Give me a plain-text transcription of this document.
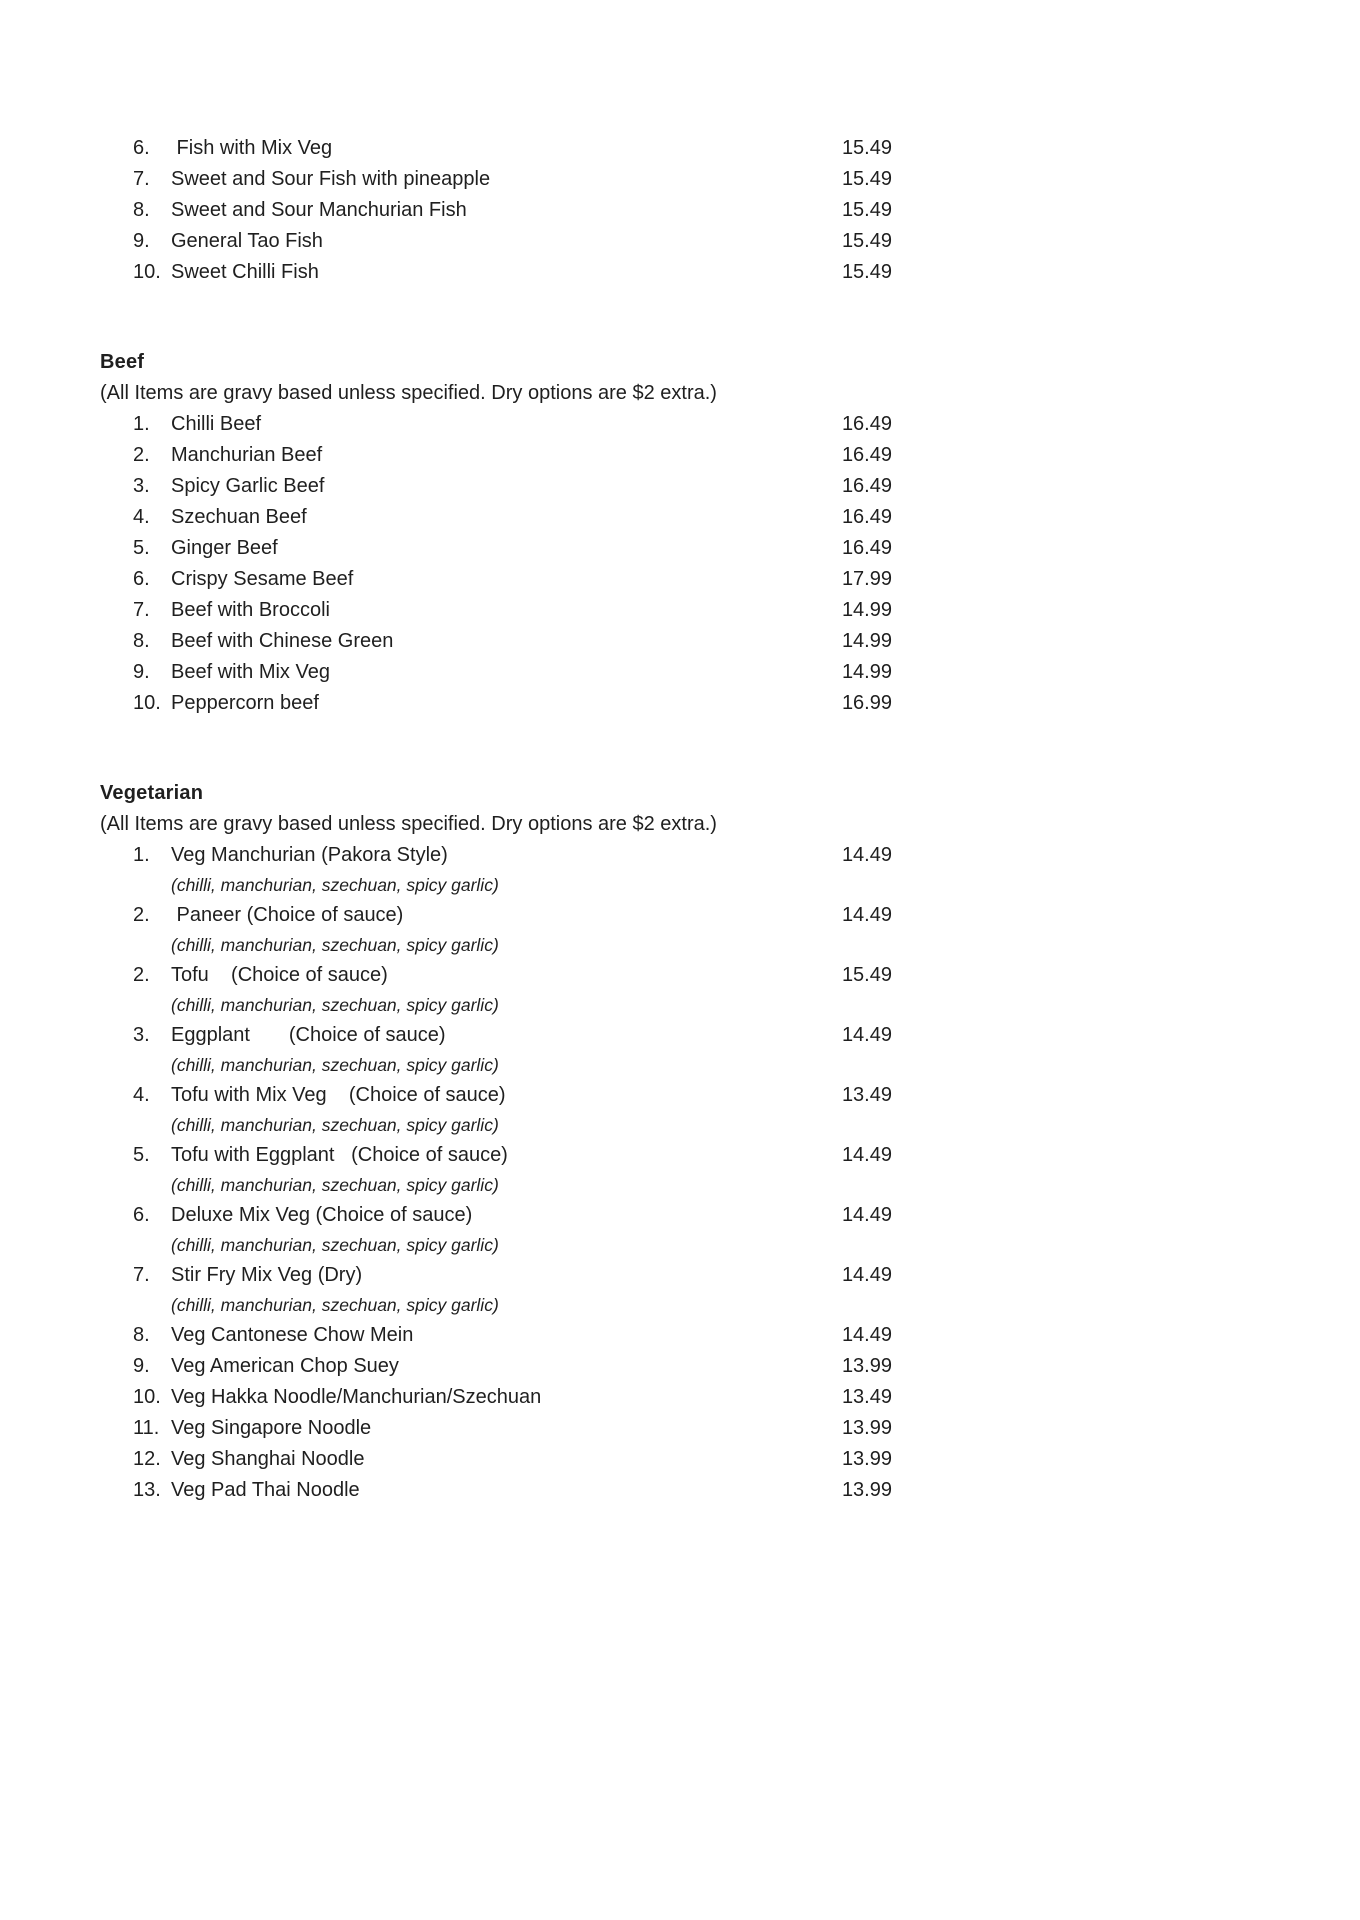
6.	Fish with Mix Veg	15.49
7.	Sweet and Sour Fish with pineapple	15.49
8.	Sweet and Sour Manchurian Fish	15.49
9.	General Tao Fish	15.49
10. Sweet Chilli Fish	15.49
Beef
(All Items are gravy based unless specified. Dry options are $2 extra.)
1.	Chilli Beef	16.49
2.	Manchurian Beef	16.49
3.	Spicy Garlic Beef	16.49
4.	Szechuan Beef	16.49
5.	Ginger Beef	16.49
6.	Crispy Sesame Beef	17.99
7.	Beef with Broccoli	14.99
8.	Beef with Chinese Green	14.99
9.	Beef with Mix Veg	14.99
10. Peppercorn beef	16.99
Vegetarian
(All Items are gravy based unless specified. Dry options are $2 extra.)
1.	Veg Manchurian (Pakora Style)	14.49
(chilli, manchurian, szechuan, spicy garlic)
2.	Paneer (Choice of sauce)	14.49
(chilli, manchurian, szechuan, spicy garlic)
2.	Tofu    (Choice of sauce)	15.49
(chilli, manchurian, szechuan, spicy garlic)
3.	Eggplant       (Choice of sauce)	14.49
(chilli, manchurian, szechuan, spicy garlic)
4.	Tofu with Mix Veg    (Choice of sauce)	13.49
(chilli, manchurian, szechuan, spicy garlic)
5.	Tofu with Eggplant   (Choice of sauce)	14.49
(chilli, manchurian, szechuan, spicy garlic)
6.	Deluxe Mix Veg (Choice of sauce)	14.49
(chilli, manchurian, szechuan, spicy garlic)
7.	Stir Fry Mix Veg (Dry)	14.49
(chilli, manchurian, szechuan, spicy garlic)
8.	Veg Cantonese Chow Mein	14.49
9.	Veg American Chop Suey	13.99
10. Veg Hakka Noodle/Manchurian/Szechuan	13.49
11. Veg Singapore Noodle	13.99
12. Veg Shanghai Noodle	13.99
13. Veg Pad Thai Noodle	13.99
